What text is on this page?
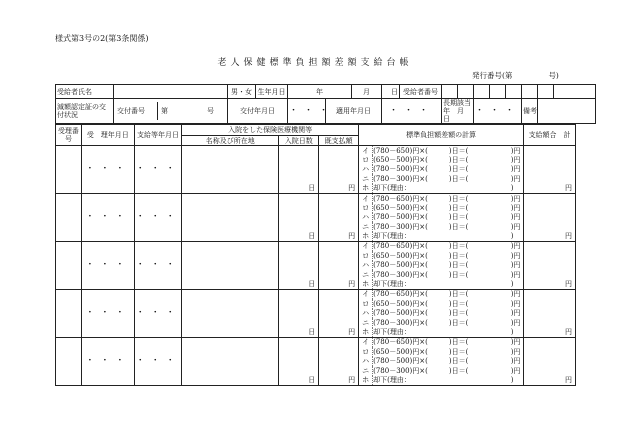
様式第3号の2(第3条関係)
老人保健標準負担額差額支給台帳
発行番号(第	号)
受給者氏名		男・女	生年月日	年		月	日	受給者番号								
減額認定証の交付状況	交付番号 第 号	交付年月日		・・・	適用年月日		・・・		長期該当年　月　日		・・・			備考		
受理番号	受　理年月日	支給等年月日	入院をした保険医療機関等			標準負担額差額の計算			支給額合　計
			名称及び所在地	入院日数	既支払額				
	・・・	・・・		日	円	イ	(780－650)円×(　　　)日＝(	)円	円
						ロ	(650－500)円×(　　　)日＝(	)円	
						ハ	(780－500)円×(　　　)日＝(	)円	
						ニ	(780－300)円×(　　　)日＝(	)円	
						ホ	却下(理由：	)	
	・・・	・・・		日	円	イ	(780－650)円×(　　　)日＝(	)円	円
						ロ	(650－500)円×(　　　)日＝(	)円	
						ハ	(780－500)円×(　　　)日＝(	)円	
						ニ	(780－300)円×(　　　)日＝(	)円	
						ホ	却下(理由：	)	
	・・・	・・・		日	円	イ	(780－650)円×(　　　)日＝(	)円	円
						ロ	(650－500)円×(　　　)日＝(	)円	
						ハ	(780－500)円×(　　　)日＝(	)円	
						ニ	(780－300)円×(　　　)日＝(	)円	
						ホ	却下(理由：	)	
	・・・	・・・		日	円	イ	(780－650)円×(　　　)日＝(	)円	円
						ロ	(650－500)円×(　　　)日＝(	)円	
						ハ	(780－500)円×(　　　)日＝(	)円	
						ニ	(780－300)円×(　　　)日＝(	)円	
						ホ	却下(理由：	)	
	・・・	・・・		日	円	イ	(780－650)円×(　　　)日＝(	)円	円
						ロ	(650－500)円×(　　　)日＝(	)円	
						ハ	(780－500)円×(　　　)日＝(	)円	
						ニ	(780－300)円×(　　　)日＝(	)円	
						ホ	却下(理由：	)	
